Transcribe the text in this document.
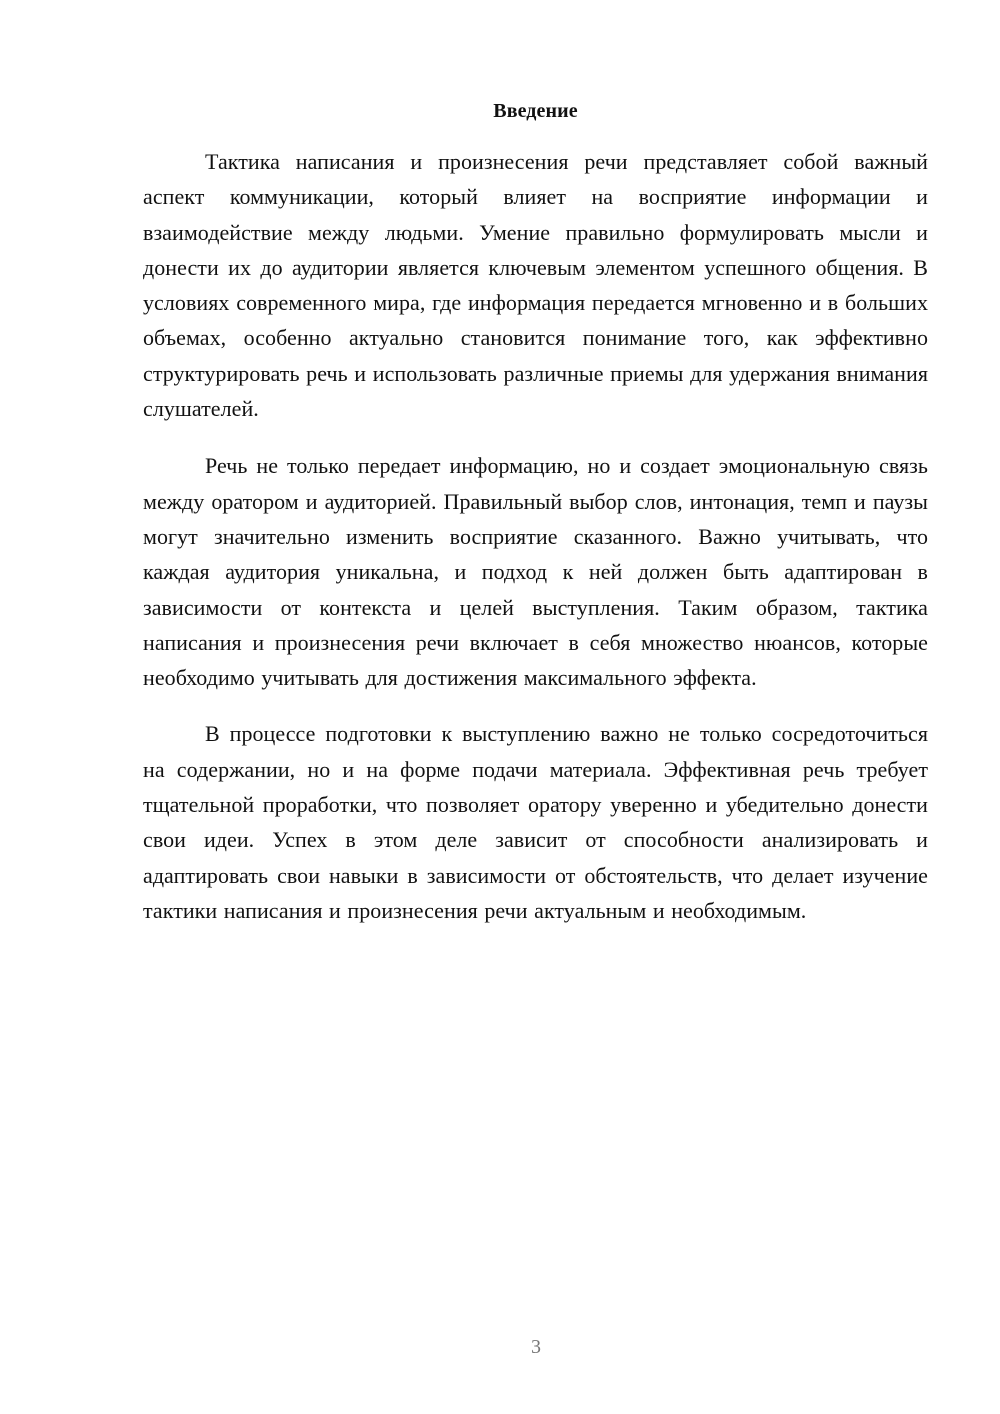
Введение

Тактика написания и произнесения речи представляет собой важный аспект коммуникации, который влияет на восприятие информации и взаимодействие между людьми. Умение правильно формулировать мысли и донести их до аудитории является ключевым элементом успешного общения. В условиях современного мира, где информация передается мгновенно и в больших объемах, особенно актуально становится понимание того, как эффективно структурировать речь и использовать различные приемы для удержания внимания слушателей.

Речь не только передает информацию, но и создает эмоциональную связь между оратором и аудиторией. Правильный выбор слов, интонация, темп и паузы могут значительно изменить восприятие сказанного. Важно учитывать, что каждая аудитория уникальна, и подход к ней должен быть адаптирован в зависимости от контекста и целей выступления. Таким образом, тактика написания и произнесения речи включает в себя множество нюансов, которые необходимо учитывать для достижения максимального эффекта.

В процессе подготовки к выступлению важно не только сосредоточиться на содержании, но и на форме подачи материала. Эффективная речь требует тщательной проработки, что позволяет оратору уверенно и убедительно донести свои идеи. Успех в этом деле зависит от способности анализировать и адаптировать свои навыки в зависимости от обстоятельств, что делает изучение тактики написания и произнесения речи актуальным и необходимым.

3
